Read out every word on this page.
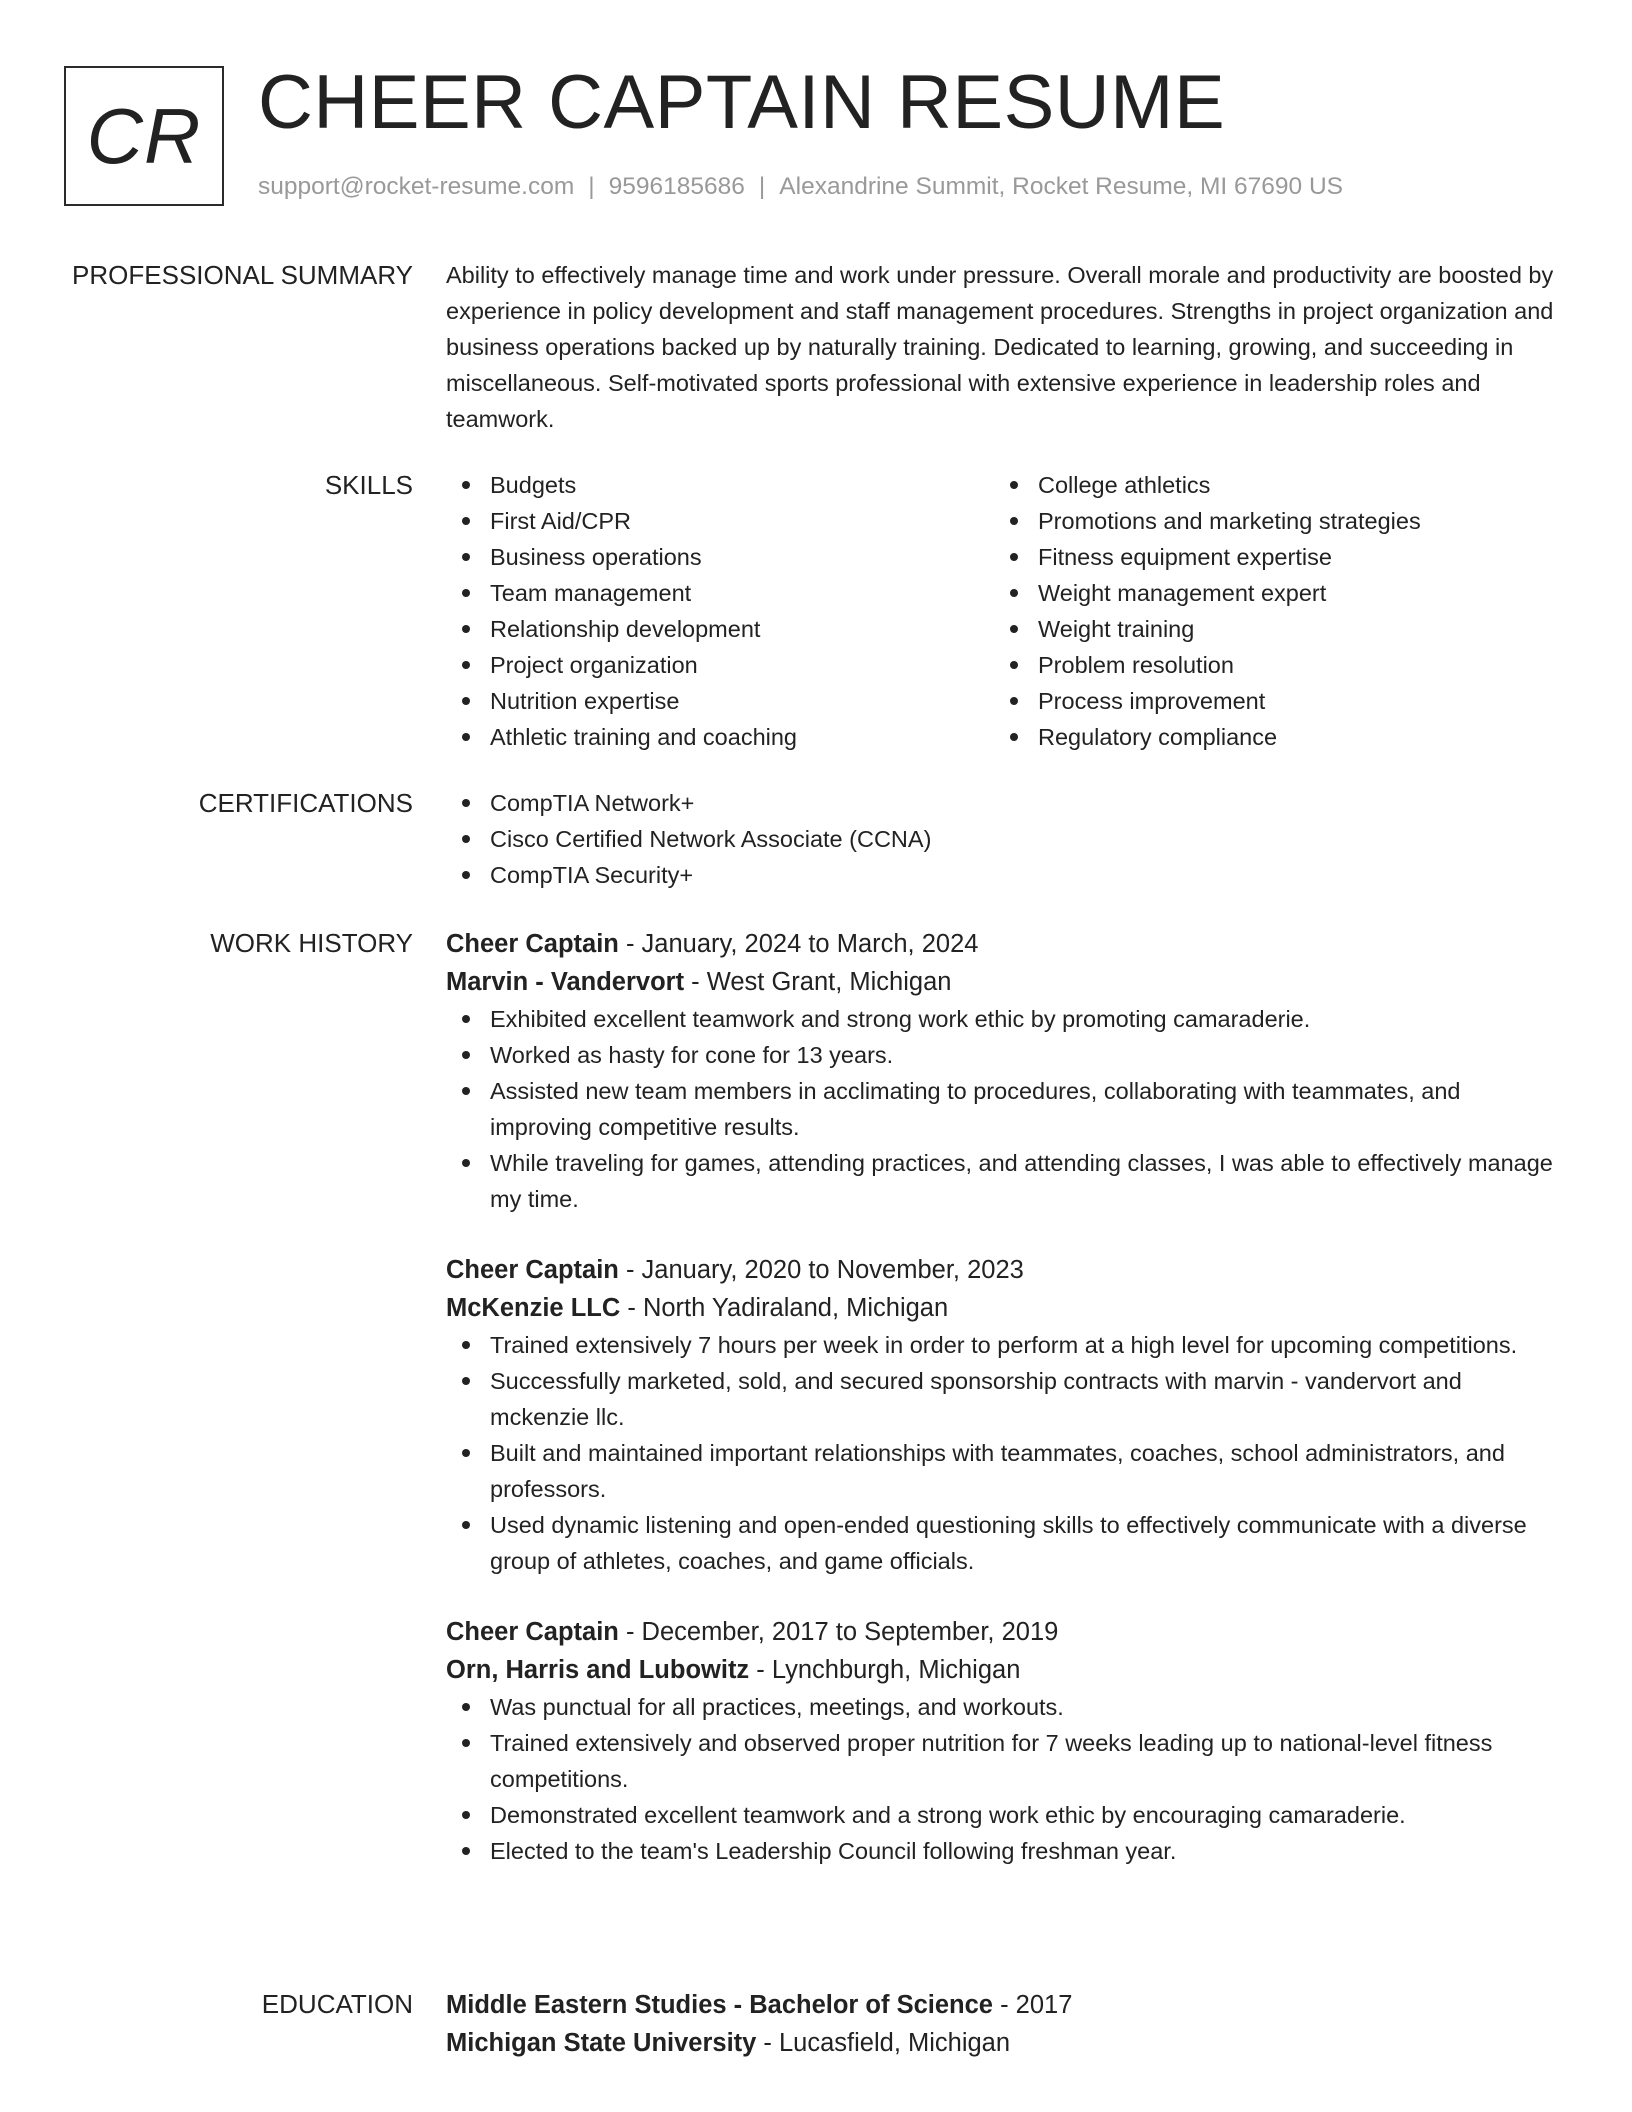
CR CHEER CAPTAIN RESUME
support@rocket-resume.com | 9596185686 | Alexandrine Summit, Rocket Resume, MI 67690 US
PROFESSIONAL SUMMARY Ability to effectively manage time and work under pressure. Overall morale and productivity are boosted by experience in policy development and staff management procedures. Strengths in project organization and business operations backed up by naturally training. Dedicated to learning, growing, and succeeding in miscellaneous. Self-motivated sports professional with extensive experience in leadership roles and teamwork.

SKILLS	Budgets
First Aid/CPR
Business operations
Team management
Relationship development
Project organization
Nutrition expertise
Athletic training and coaching
College athletics
Promotions and marketing strategies
Fitness equipment expertise
Weight management expert
Weight training
Problem resolution
Process improvement
Regulatory compliance
CERTIFICATIONS	CompTIA Network+
Cisco Certified Network Associate (CCNA)
CompTIA Security+
WORK HISTORY Cheer Captain - January, 2024 to March, 2024
Marvin - Vandervort - West Grant, Michigan
Exhibited excellent teamwork and strong work ethic by promoting camaraderie.
Worked as hasty for cone for 13 years.
Assisted new team members in acclimating to procedures, collaborating with teammates, and improving competitive results.
While traveling for games, attending practices, and attending classes, I was able to effectively manage my time.
Cheer Captain - January, 2020 to November, 2023
McKenzie LLC - North Yadiraland, Michigan
Trained extensively 7 hours per week in order to perform at a high level for upcoming competitions.
Successfully marketed, sold, and secured sponsorship contracts with marvin - vandervort and mckenzie llc.
Built and maintained important relationships with teammates, coaches, school administrators, and professors.
Used dynamic listening and open-ended questioning skills to effectively communicate with a diverse group of athletes, coaches, and game officials.
Cheer Captain - December, 2017 to September, 2019
Orn, Harris and Lubowitz - Lynchburgh, Michigan
Was punctual for all practices, meetings, and workouts.
Trained extensively and observed proper nutrition for 7 weeks leading up to national-level fitness competitions.
Demonstrated excellent teamwork and a strong work ethic by encouraging camaraderie.
Elected to the team's Leadership Council following freshman year.
EDUCATION Middle Eastern Studies - Bachelor of Science - 2017
Michigan State University - Lucasfield, Michigan
